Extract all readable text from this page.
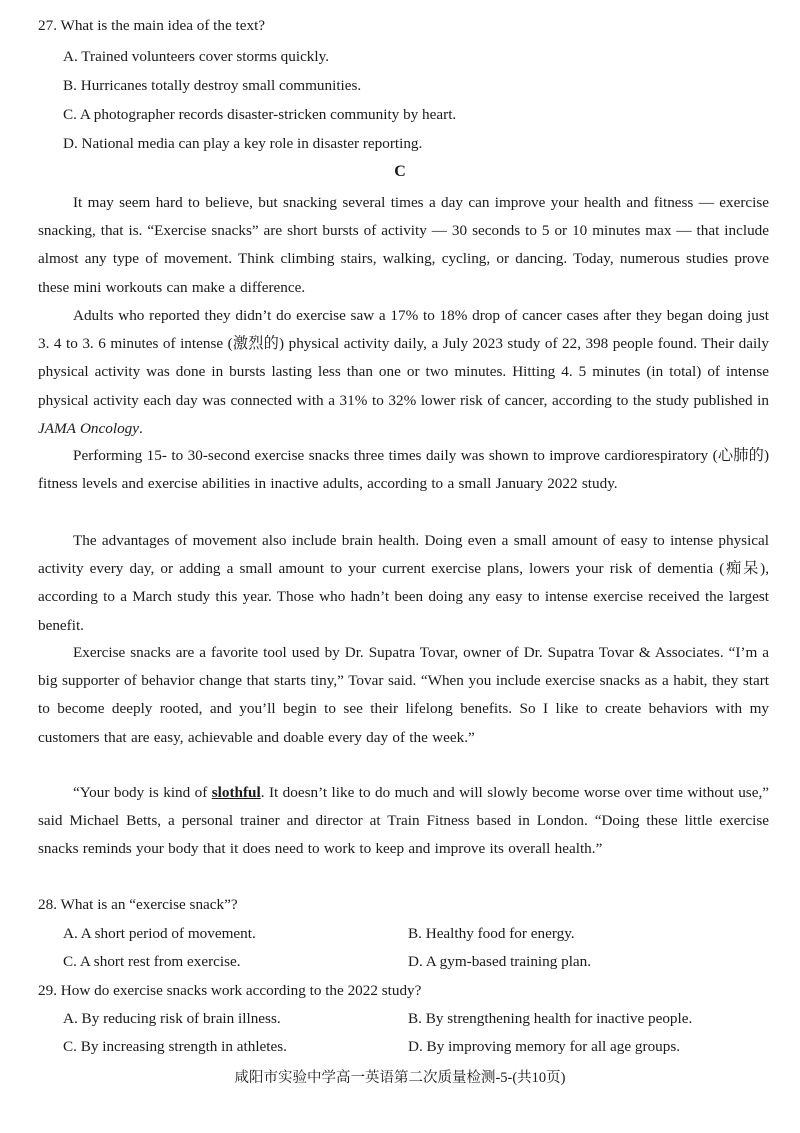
27. What is the main idea of the text?
A. Trained volunteers cover storms quickly.
B. Hurricanes totally destroy small communities.
C. A photographer records disaster-stricken community by heart.
D. National media can play a key role in disaster reporting.
C
It may seem hard to believe, but snacking several times a day can improve your health and fitness — exercise snacking, that is. “Exercise snacks” are short bursts of activity — 30 seconds to 5 or 10 minutes max — that include almost any type of movement. Think climbing stairs, walking, cycling, or dancing. Today, numerous studies prove these mini workouts can make a difference.
Adults who reported they didn’t do exercise saw a 17% to 18% drop of cancer cases after they began doing just 3. 4 to 3. 6 minutes of intense (激烈的) physical activity daily, a July 2023 study of 22, 398 people found. Their daily physical activity was done in bursts lasting less than one or two minutes. Hitting 4. 5 minutes (in total) of intense physical activity each day was connected with a 31% to 32% lower risk of cancer, according to the study published in JAMA Oncology.
Performing 15- to 30-second exercise snacks three times daily was shown to improve cardiorespiratory (心肺的) fitness levels and exercise abilities in inactive adults, according to a small January 2022 study.
The advantages of movement also include brain health. Doing even a small amount of easy to intense physical activity every day, or adding a small amount to your current exercise plans, lowers your risk of dementia (痴呆), according to a March study this year. Those who hadn’t been doing any easy to intense exercise received the largest benefit.
Exercise snacks are a favorite tool used by Dr. Supatra Tovar, owner of Dr. Supatra Tovar & Associates. “I’m a big supporter of behavior change that starts tiny,” Tovar said. “When you include exercise snacks as a habit, they start to become deeply rooted, and you’ll begin to see their lifelong benefits. So I like to create behaviors with my customers that are easy, achievable and doable every day of the week.”
“Your body is kind of slothful. It doesn’t like to do much and will slowly become worse over time without use,” said Michael Betts, a personal trainer and director at Train Fitness based in London. “Doing these little exercise snacks reminds your body that it does need to work to keep and improve its overall health.”
28. What is an “exercise snack”?
A. A short period of movement.	B. Healthy food for energy.
C. A short rest from exercise.	D. A gym-based training plan.
29. How do exercise snacks work according to the 2022 study?
A. By reducing risk of brain illness.	B. By strengthening health for inactive people.
C. By increasing strength in athletes.	D. By improving memory for all age groups.
咸阳市实验中学高一英语第二次质量检测-5-(共10页)
